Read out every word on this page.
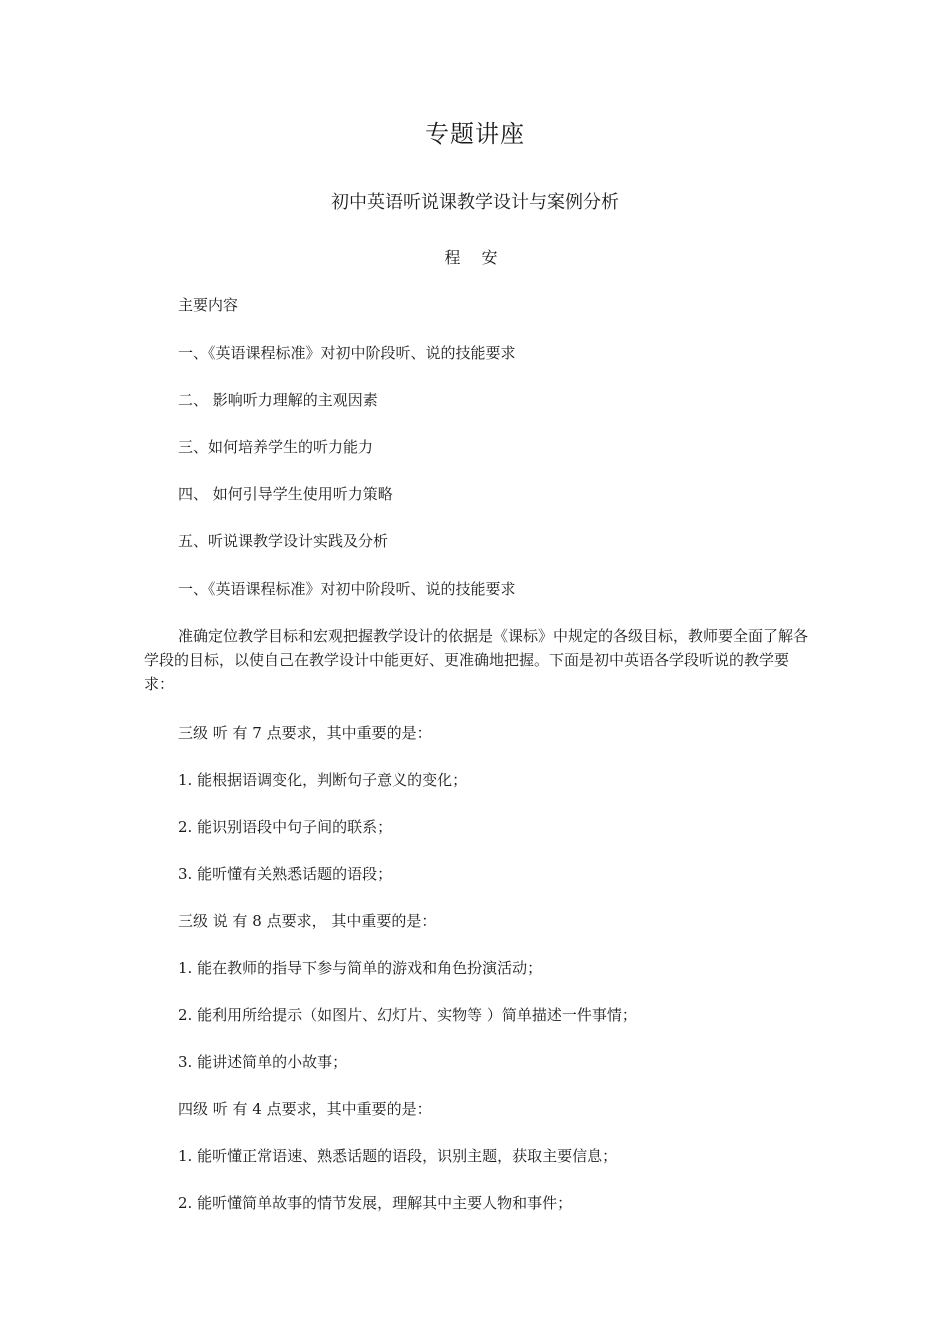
专题讲座
初中英语听说课教学设计与案例分析

程 安

主要内容

一、《英语课程标准》对初中阶段听、说的技能要求

二、 影响听力理解的主观因素

三、如何培养学生的听力能力

四、 如何引导学生使用听力策略

五、听说课教学设计实践及分析

一、《英语课程标准》对初中阶段听、说的技能要求

准确定位教学目标和宏观把握教学设计的依据是《课标》中规定的各级目标，教师要全面了解各学段的目标，以使自己在教学设计中能更好、更准确地把握。下面是初中英语各学段听说的教学要求：

三级 听 有 7 点要求，其中重要的是：

1. 能根据语调变化，判断句子意义的变化；

2. 能识别语段中句子间的联系；

3. 能听懂有关熟悉话题的语段；

三级 说 有 8 点要求， 其中重要的是：

1. 能在教师的指导下参与简单的游戏和角色扮演活动；

2. 能利用所给提示（如图片、幻灯片、实物等 ）简单描述一件事情；

3. 能讲述简单的小故事；

四级 听 有 4 点要求，其中重要的是：

1. 能听懂正常语速、熟悉话题的语段，识别主题，获取主要信息；

2. 能听懂简单故事的情节发展，理解其中主要人物和事件；
